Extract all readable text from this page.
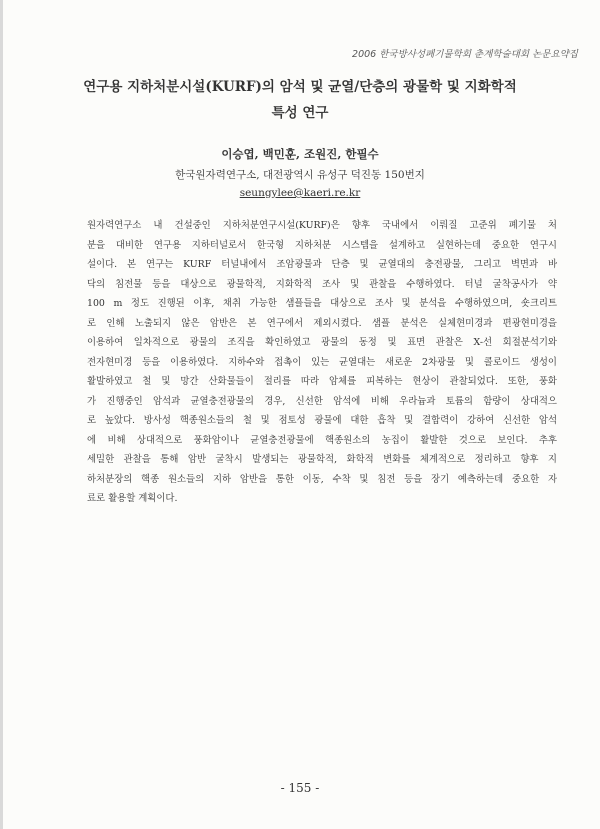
2006 한국방사성폐기물학회 춘계학술대회 논문요약집
연구용 지하처분시설(KURF)의 암석 및 균열/단층의 광물학 및 지화학적
특성 연구
이승엽, 백민훈, 조원진, 한필수
한국원자력연구소, 대전광역시 유성구 덕진동 150번지
seungylee@kaeri.re.kr
원자력연구소 내 건설중인 지하처분연구시설(KURF)은 향후 국내에서 이뤄질 고준위 폐기물 처
분을 대비한 연구용 지하터널로서 한국형 지하처분 시스템을 설계하고 실현하는데 중요한 연구시
설이다. 본 연구는 KURF 터널내에서 조암광물과 단층 및 균열대의 충전광물, 그리고 벽면과 바
닥의 침전물 등을 대상으로 광물학적, 지화학적 조사 및 관찰을 수행하였다. 터널 굴착공사가 약
100 m 정도 진행된 이후, 채취 가능한 샘플들을 대상으로 조사 및 분석을 수행하였으며, 숏크리트
로 인해 노출되지 않은 암반은 본 연구에서 제외시켰다. 샘플 분석은 실체현미경과 편광현미경을
이용하여 일차적으로 광물의 조직을 확인하였고 광물의 동정 및 표면 관찰은 X-선 회절분석기와
전자현미경 등을 이용하였다. 지하수와 접촉이 있는 균열대는 새로운 2차광물 및 콜로이드 생성이
활발하였고 철 및 망간 산화물들이 절리를 따라 암체를 피복하는 현상이 관찰되었다. 또한, 풍화
가 진행중인 암석과 균열충전광물의 경우, 신선한 암석에 비해 우라늄과 토륨의 함량이 상대적으
로 높았다. 방사성 핵종원소들의 철 및 점토성 광물에 대한 흡착 및 결합력이 강하여 신선한 암석
에 비해 상대적으로 풍화암이나 균열충전광물에 핵종원소의 농집이 활발한 것으로 보인다. 추후
세밀한 관찰을 통해 암반 굴착시 발생되는 광물학적, 화학적 변화를 체계적으로 정리하고 향후 지
하처분장의 핵종 원소들의 지하 암반을 통한 이동, 수착 및 침전 등을 장기 예측하는데 중요한 자
료로 활용할 계획이다.
- 155 -
